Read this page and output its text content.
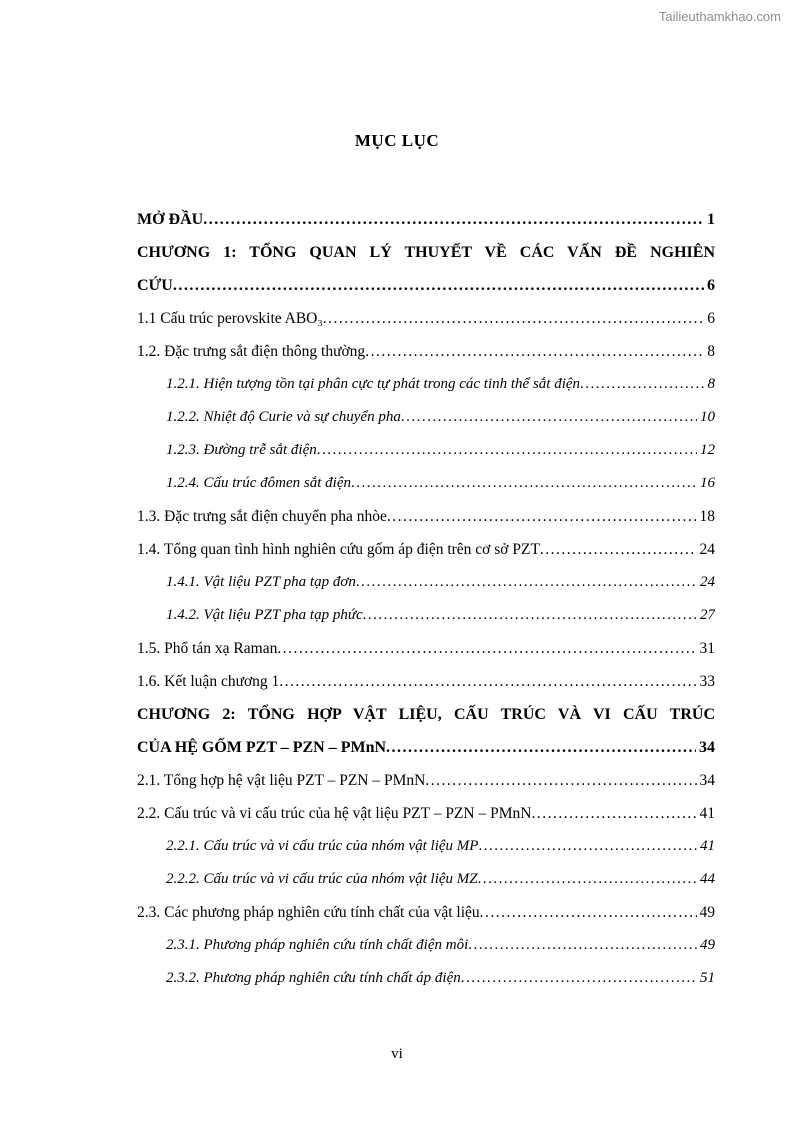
Tailieuthamkhao.com
MỤC LỤC
MỞ ĐẦU .....	1
CHƯƠNG 1: TỔNG QUAN LÝ THUYẾT VỀ CÁC VẤN ĐỀ NGHIÊN
CỨU .....	6
1.1 Cấu trúc perovskite ABO₃ .....	6
1.2. Đặc trưng sắt điện thông thường .....	8
1.2.1. Hiện tượng tồn tại phân cực tự phát trong các tinh thể sắt điện .....	8
1.2.2. Nhiệt độ Curie và sự chuyển pha .....	10
1.2.3. Đường trễ sắt điện .....	12
1.2.4. Cấu trúc đômen sắt điện .....	16
1.3. Đặc trưng sắt điện chuyển pha nhòe .....	18
1.4. Tổng quan tình hình nghiên cứu gốm áp điện trên cơ sở PZT .....	24
1.4.1. Vật liệu PZT pha tạp đơn .....	24
1.4.2. Vật liệu PZT pha tạp phức .....	27
1.5. Phổ tán xạ Raman .....	31
1.6. Kết luận chương 1 .....	33
CHƯƠNG 2: TỔNG HỢP VẬT LIỆU, CẤU TRÚC VÀ VI CẤU TRÚC
CỦA HỆ GỐM PZT – PZN – PMnN .....	34
2.1. Tổng hợp hệ vật liệu PZT – PZN – PMnN .....	34
2.2. Cấu trúc và vi cấu trúc của hệ vật liệu PZT – PZN – PMnN .....	41
2.2.1. Cấu trúc và vi cấu trúc của nhóm vật liệu MP .....	41
2.2.2. Cấu trúc và vi cấu trúc của nhóm vật liệu MZ .....	44
2.3. Các phương pháp nghiên cứu tính chất của vật liệu .....	49
2.3.1. Phương pháp nghiên cứu tính chất điện môi .....	49
2.3.2. Phương pháp nghiên cứu tính chất áp điện .....	51
vi
